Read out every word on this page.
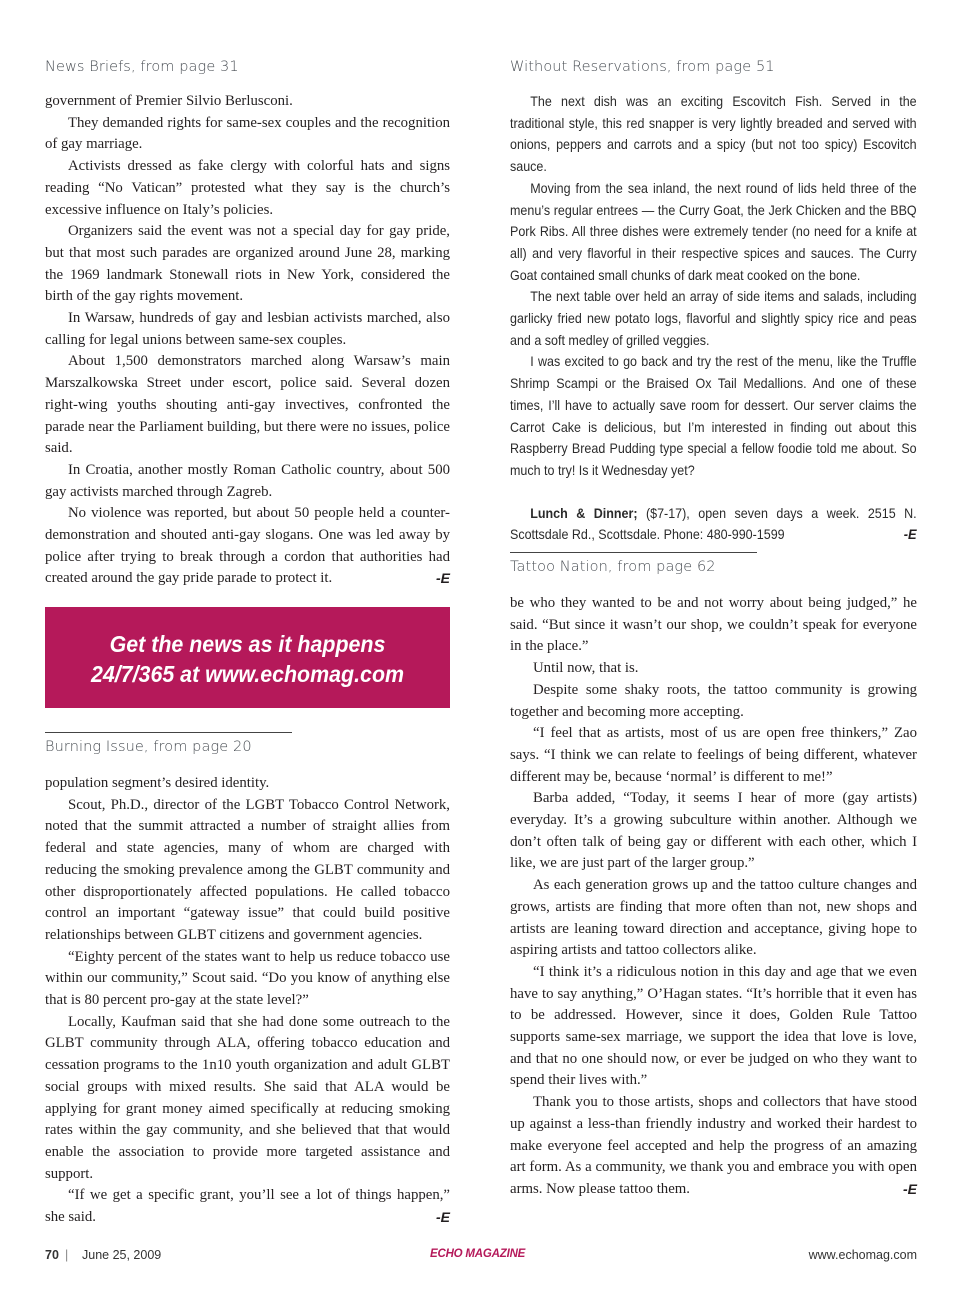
News Briefs, from page 31

government of Premier Silvio Berlusconi.

They demanded rights for same-sex couples and the recognition of gay marriage.

Activists dressed as fake clergy with colorful hats and signs reading “No Vatican” protested what they say is the church’s excessive influence on Italy’s policies.

Organizers said the event was not a special day for gay pride, but that most such parades are organized around June 28, marking the 1969 landmark Stonewall riots in New York, considered the birth of the gay rights movement.

In Warsaw, hundreds of gay and lesbian activists marched, also calling for legal unions between same-sex couples.

About 1,500 demonstrators marched along Warsaw’s main Marszalkowska Street under escort, police said. Several dozen right-wing youths shouting anti-gay invectives, confronted the parade near the Parliament building, but there were no issues, police said.

In Croatia, another mostly Roman Catholic country, about 500 gay activists marched through Zagreb.

No violence was reported, but about 50 people held a counter-demonstration and shouted anti-gay slogans. One was led away by police after trying to break through a cordon that authorities had created around the gay pride parade to protect it.	-E

Get the news as it happens
24/7/365 at www.echomag.com
Burning Issue, from page 20

population segment’s desired identity.

Scout, Ph.D., director of the LGBT Tobacco Control Network, noted that the summit attracted a number of straight allies from federal and state agencies, many of whom are charged with reducing the smoking prevalence among the GLBT community and other disproportionately affected populations. He called tobacco control an important “gateway issue” that could build positive relationships between GLBT citizens and government agencies.

“Eighty percent of the states want to help us reduce tobacco use within our community,” Scout said. “Do you know of anything else that is 80 percent pro-gay at the state level?”

Locally, Kaufman said that she had done some outreach to the GLBT community through ALA, offering tobacco education and cessation programs to the 1n10 youth organization and adult GLBT social groups with mixed results. She said that ALA would be applying for grant money aimed specifically at reducing smoking rates within the gay community, and she believed that that would enable the association to provide more targeted assistance and support.

“If we get a specific grant, you’ll see a lot of things happen,” she said.	-E

Without Reservations, from page 51

The next dish was an exciting Escovitch Fish. Served in the traditional style, this red snapper is very lightly breaded and served with onions, peppers and carrots and a spicy (but not too spicy) Escovitch sauce.

Moving from the sea inland, the next round of lids held three of the menu’s regular entrees — the Curry Goat, the Jerk Chicken and the BBQ Pork Ribs. All three dishes were extremely tender (no need for a knife at all) and very flavorful in their respective spices and sauces. The Curry Goat contained small chunks of dark meat cooked on the bone.

The next table over held an array of side items and salads, including garlicky fried new potato logs, flavorful and slightly spicy rice and peas and a soft medley of grilled veggies.

I was excited to go back and try the rest of the menu, like the Truffle Shrimp Scampi or the Braised Ox Tail Medallions. And one of these times, I’ll have to actually save room for dessert. Our server claims the Carrot Cake is delicious, but I’m interested in finding out about this Raspberry Bread Pudding type special a fellow foodie told me about. So much to try! Is it Wednesday yet?

Lunch & Dinner; ($7-17), open seven days a week. 2515 N. Scottsdale Rd., Scottsdale. Phone: 480-990-1599	-E

Tattoo Nation, from page 62

be who they wanted to be and not worry about being judged,” he said. “But since it wasn’t our shop, we couldn’t speak for everyone in the place.”

Until now, that is.

Despite some shaky roots, the tattoo community is growing together and becoming more accepting.

“I feel that as artists, most of us are open free thinkers,” Zao says. “I think we can relate to feelings of being different, whatever different may be, because ‘normal’ is different to me!”

Barba added, “Today, it seems I hear of more (gay artists) everyday. It’s a growing subculture within another. Although we don’t often talk of being gay or different with each other, which I like, we are just part of the larger group.”

As each generation grows up and the tattoo culture changes and grows, artists are finding that more often than not, new shops and artists are leaning toward direction and acceptance, giving hope to aspiring artists and tattoo collectors alike.

“I think it’s a ridiculous notion in this day and age that we even have to say anything,” O’Hagan states. “It’s horrible that it even has to be addressed. However, since it does, Golden Rule Tattoo supports same-sex marriage, we support the idea that love is love, and that no one should now, or ever be judged on who they want to spend their lives with.”

Thank you to those artists, shops and collectors that have stood up against a less-than friendly industry and worked their hardest to make everyone feel accepted and help the progress of an amazing art form. As a community, we thank you and embrace you with open arms. Now please tattoo them.	-E

70 | June 25, 2009	ECHO MAGAZINE	www.echomag.com
